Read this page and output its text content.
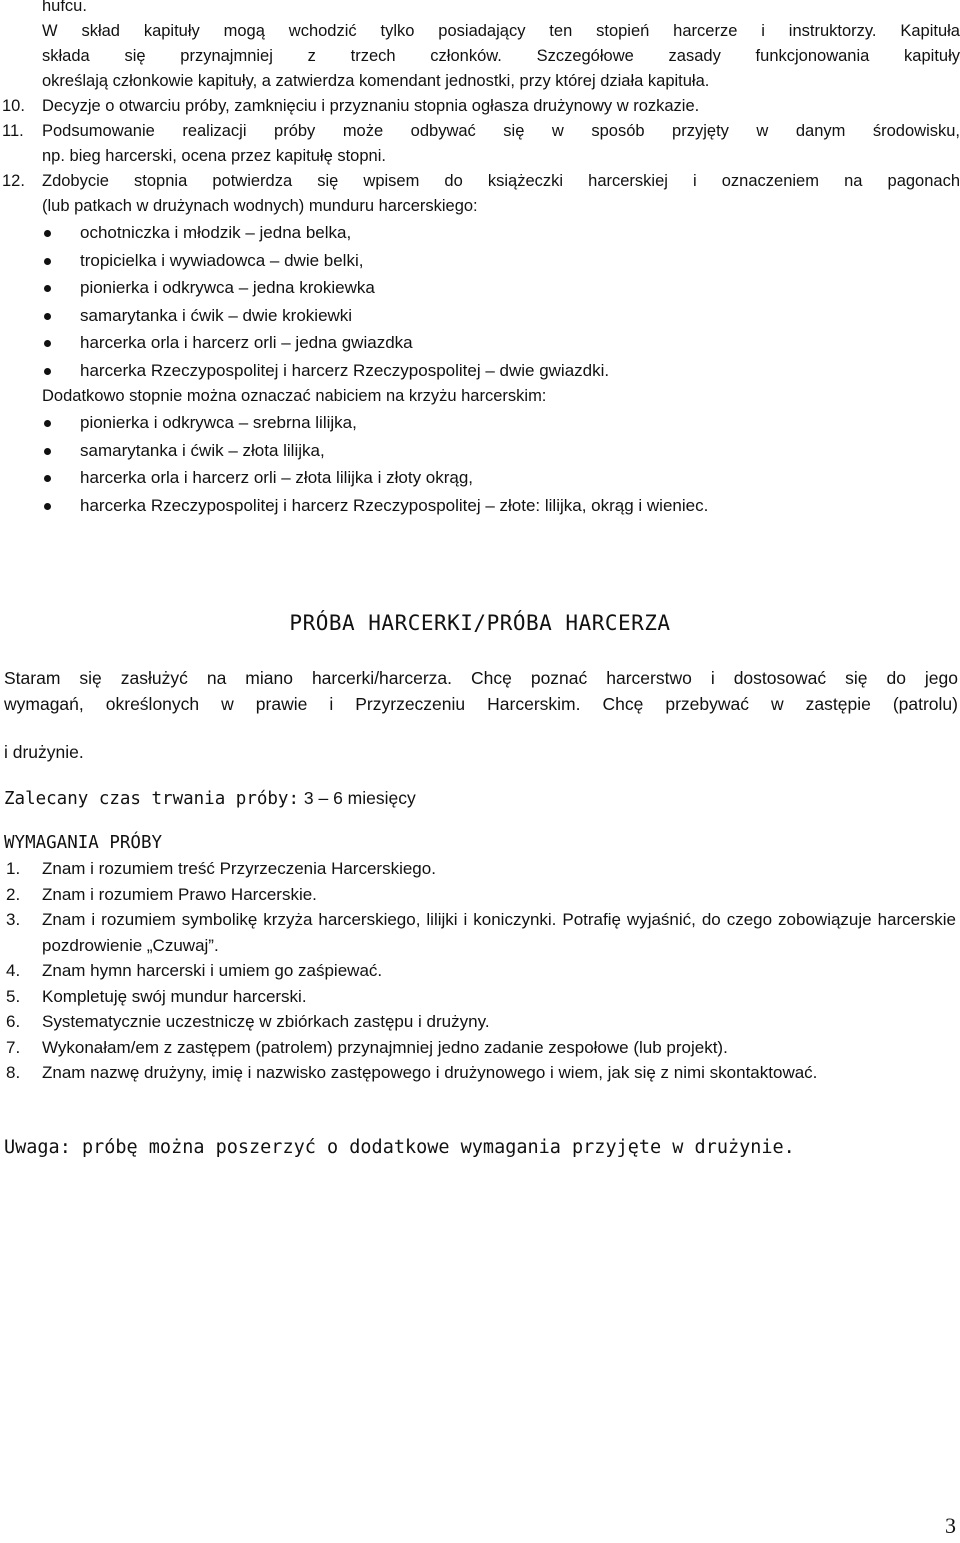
hufcu.
W skład kapituły mogą wchodzić tylko posiadający ten stopień harcerze i instruktorzy. Kapituła
składa się przynajmniej z trzech członków. Szczegółowe zasady funkcjonowania kapituły
określają członkowie kapituły, a zatwierdza komendant jednostki, przy której działa kapituła.
10. Decyzje o otwarciu próby, zamknięciu i przyznaniu stopnia ogłasza drużynowy w rozkazie.
11. Podsumowanie realizacji próby może odbywać się w sposób przyjęty w danym środowisku,
np. bieg harcerski, ocena przez kapitułę stopni.
12. Zdobycie stopnia potwierdza się wpisem do książeczki harcerskiej i oznaczeniem na pagonach
(lub patkach w drużynach wodnych) munduru harcerskiego:
ochotniczka i młodzik – jedna belka,
tropicielka i wywiadowca – dwie belki,
pionierka i odkrywca – jedna krokiewka
samarytanka i ćwik – dwie krokiewki
harcerka orla i harcerz orli – jedna gwiazdka
harcerka Rzeczypospolitej i harcerz Rzeczypospolitej – dwie gwiazdki.
Dodatkowo stopnie można oznaczać nabiciem na krzyżu harcerskim:
pionierka i odkrywca – srebrna lilijka,
samarytanka i ćwik – złota lilijka,
harcerka orla i harcerz orli – złota lilijka i złoty okrąg,
harcerka Rzeczypospolitej i harcerz Rzeczypospolitej – złote: lilijka, okrąg i wieniec.
PRÓBA HARCERKI/PRÓBA HARCERZA
Staram się zasłużyć na miano harcerki/harcerza. Chcę poznać harcerstwo i dostosować się do jego
wymagań, określonych w prawie i Przyrzeczeniu Harcerskim. Chcę przebywać w zastępie (patrolu)
i drużynie.
Zalecany czas trwania próby: 3 – 6 miesięcy
WYMAGANIA PRÓBY
1. Znam i rozumiem treść Przyrzeczenia Harcerskiego.
2. Znam i rozumiem Prawo Harcerskie.
3. Znam i rozumiem symbolikę krzyża harcerskiego, lilijki i koniczynki. Potrafię wyjaśnić, do czego zobowiązuje harcerskie pozdrowienie „Czuwaj”.
4. Znam hymn harcerski i umiem go zaśpiewać.
5. Kompletuję swój mundur harcerski.
6. Systematycznie uczestniczę w zbiórkach zastępu i drużyny.
7. Wykonałam/em z zastępem (patrolem) przynajmniej jedno zadanie zespołowe (lub projekt).
8. Znam nazwę drużyny, imię i nazwisko zastępowego i drużynowego i wiem, jak się z nimi skontaktować.
Uwaga: próbę można poszerzyć o dodatkowe wymagania przyjęte w drużynie.
3
